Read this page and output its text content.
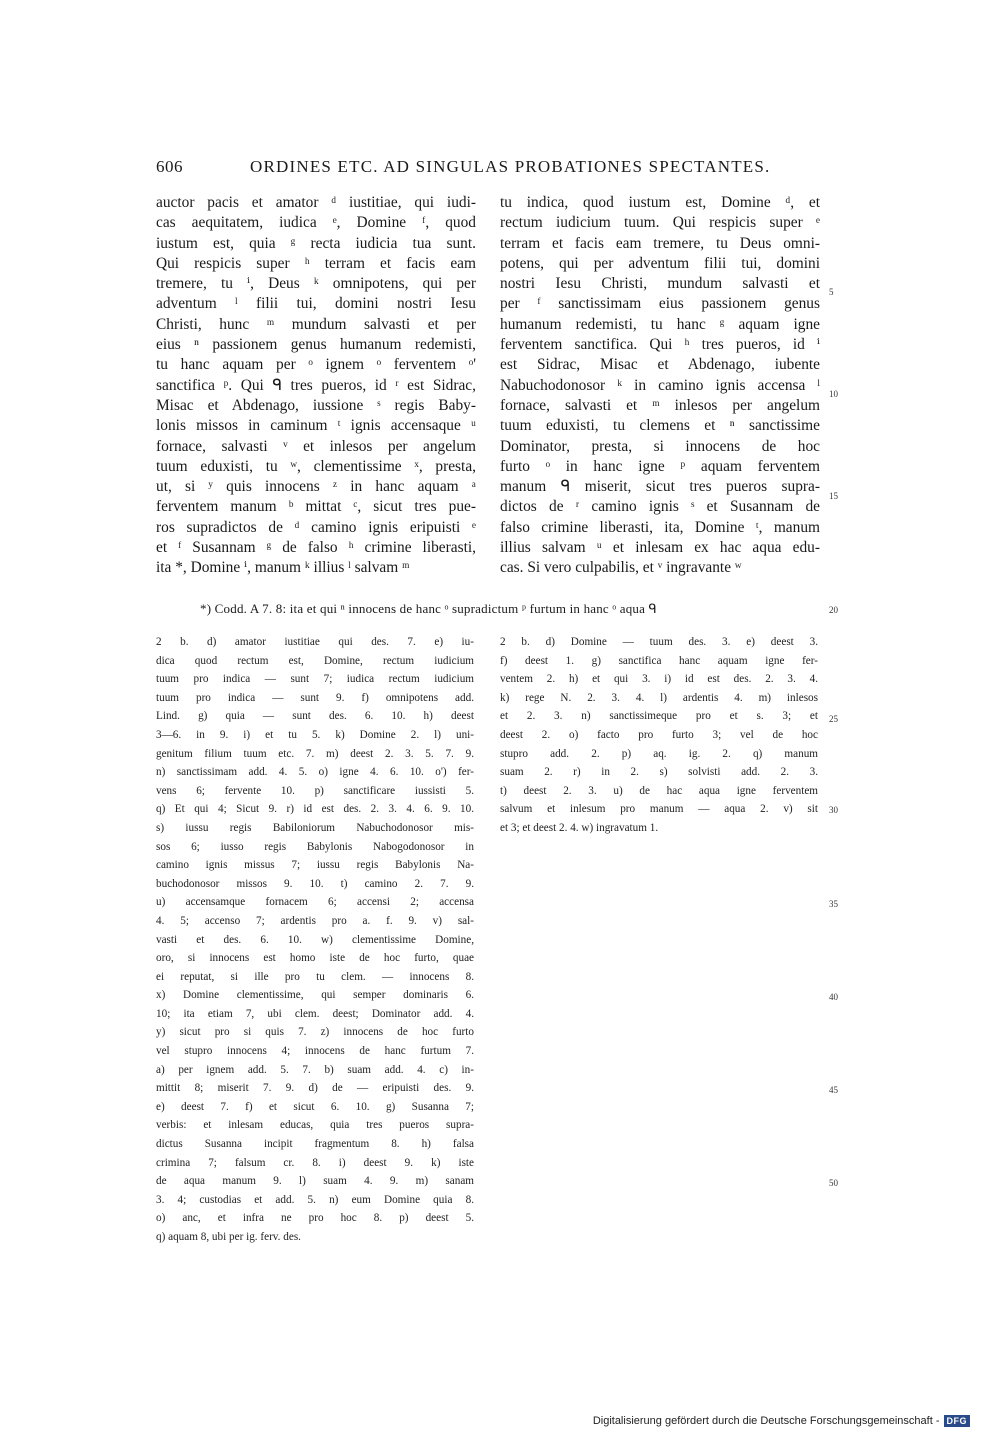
606	ORDINES ETC. AD SINGULAS PROBATIONES SPECTANTES.
auctor pacis et amator ᵈ iustitiae, qui iudi-
cas aequitatem, iudica ᵉ, Domine ᶠ, quod
iustum est, quia ᵍ recta iudicia tua sunt.
Qui respicis super ʰ terram et facis eam
tremere, tu ⁱ, Deus ᵏ omnipotens, qui per
adventum ˡ filii tui, domini nostri Iesu
Christi, hunc ᵐ mundum salvasti et per
eius ⁿ passionem genus humanum redemisti,
tu hanc aquam per ᵒ ignem ᵒ ferventem ᵒ'
sanctifica ᵖ. Qui ᑫ tres pueros, id ʳ est Sidrac,
Misac et Abdenago, iussione ˢ regis Baby-
lonis missos in caminum ᵗ ignis accensaque ᵘ
fornace, salvasti ᵛ et inlesos per angelum
tuum eduxisti, tu ʷ, clementissime ˣ, presta,
ut, si ʸ quis innocens ᶻ in hanc aquam ᵃ
ferventem manum ᵇ mittat ᶜ, sicut tres pue-
ros supradictos de ᵈ camino ignis eripuisti ᵉ
et ᶠ Susannam ᵍ de falso ʰ crimine liberasti,
ita *, Domine ⁱ, manum ᵏ illius ˡ salvam ᵐ
tu indica, quod iustum est, Domine ᵈ, et
rectum iudicium tuum. Qui respicis super ᵉ
terram et facis eam tremere, tu Deus omni-
potens, qui per adventum filii tui, domini
nostri Iesu Christi, mundum salvasti et
per ᶠ sanctissimam eius passionem genus
humanum redemisti, tu hanc ᵍ aquam igne
ferventem sanctifica. Qui ʰ tres pueros, id ⁱ
est Sidrac, Misac et Abdenago, iubente
Nabuchodonosor ᵏ in camino ignis accensa ˡ
fornace, salvasti et ᵐ inlesos per angelum
tuum eduxisti, tu clemens et ⁿ sanctissime
Dominator, presta, si innocens de hoc
furto ᵒ in hanc igne ᵖ aquam ferventem
manum ᑫ miserit, sicut tres pueros supra-
dictos de ʳ camino ignis ˢ et Susannam de
falso crimine liberasti, ita, Domine ᵗ, manum
illius salvam ᵘ et inlesam ex hac aqua edu-
cas. Si vero culpabilis, et ᵛ ingravante ʷ
5
10
15
20
25
30
35
40
45
50
*) Codd. A 7. 8: ita et qui ⁿ innocens de hanc ᵒ supradictum ᵖ furtum in hanc ᵒ aqua ᑫ
2 b. d) amator iustitiae qui des. 7. e) iu-
dica quod rectum est, Domine, rectum iudicium
tuum pro indica — sunt 7; iudica rectum iudicium
tuum pro indica — sunt 9. f) omnipotens add.
Lind. g) quia — sunt des. 6. 10. h) deest
3—6. in 9. i) et tu 5. k) Domine 2. l) uni-
genitum filium tuum etc. 7. m) deest 2. 3. 5. 7. 9.
n) sanctissimam add. 4. 5. o) igne 4. 6. 10. o') fer-
vens 6; fervente 10. p) sanctificare iussisti 5.
q) Et qui 4; Sicut 9. r) id est des. 2. 3. 4. 6. 9. 10.
s) iussu regis Babiloniorum Nabuchodonosor mis-
sos 6; iusso regis Babylonis Nabogodonosor in
camino ignis missus 7; iussu regis Babylonis Na-
buchodonosor missos 9. 10. t) camino 2. 7. 9.
u) accensamque fornacem 6; accensi 2; accensa
4. 5; accenso 7; ardentis pro a. f. 9. v) sal-
vasti et des. 6. 10. w) clementissime Domine,
oro, si innocens est homo iste de hoc furto, quae
ei reputat, si ille pro tu clem. — innocens 8.
x) Domine clementissime, qui semper dominaris 6.
10; ita etiam 7, ubi clem. deest; Dominator add. 4.
y) sicut pro si quis 7. z) innocens de hoc furto
vel stupro innocens 4; innocens de hanc furtum 7.
a) per ignem add. 5. 7. b) suam add. 4. c) in-
mittit 8; miserit 7. 9. d) de — eripuisti des. 9.
e) deest 7. f) et sicut 6. 10. g) Susanna 7;
verbis: et inlesam educas, quia tres pueros supra-
dictus Susanna incipit fragmentum 8. h) falsa
crimina 7; falsum cr. 8. i) deest 9. k) iste
de aqua manum 9. l) suam 4. 9. m) sanam
3. 4; custodias et add. 5. n) eum Domine quia 8.
o) anc, et infra ne pro hoc 8. p) deest 5.
q) aquam 8, ubi per ig. ferv. des.
2 b. d) Domine — tuum des. 3. e) deest 3.
f) deest 1. g) sanctifica hanc aquam igne fer-
ventem 2. h) et qui 3. i) id est des. 2. 3. 4.
k) rege N. 2. 3. 4. l) ardentis 4. m) inlesos
et 2. 3. n) sanctissimeque pro et s. 3; et
deest 2. o) facto pro furto 3; vel de hoc
stupro add. 2. p) aq. ig. 2. q) manum
suam 2. r) in 2. s) solvisti add. 2. 3.
t) deest 2. 3. u) de hac aqua igne ferventem
salvum et inlesum pro manum — aqua 2. v) sit
et 3; et deest 2. 4. w) ingravatum 1.
Digitalisierung gefördert durch die Deutsche Forschungsgemeinschaft - DFG
